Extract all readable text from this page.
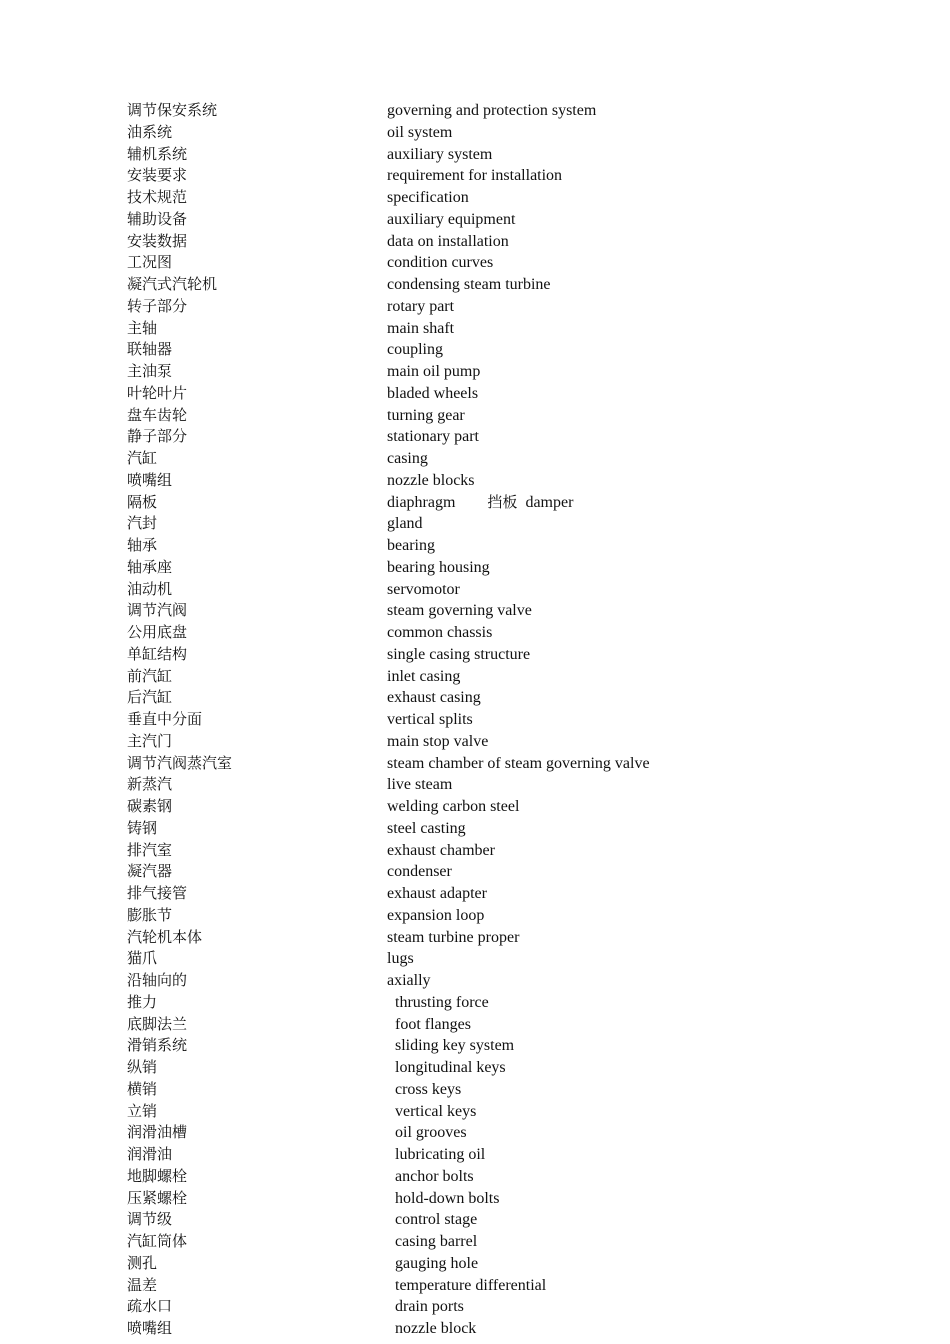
调节保安系统	governing and protection system
油系统	oil system
辅机系统	auxiliary system
安装要求	requirement for installation
技术规范	specification
辅助设备	auxiliary equipment
安装数据	data on installation
工况图	condition curves
凝汽式汽轮机	condensing steam turbine
转子部分	rotary part
主轴	main shaft
联轴器	coupling
主油泵	main oil pump
叶轮叶片	bladed wheels
盘车齿轮	turning gear
静子部分	stationary part
汽缸	casing
喷嘴组	nozzle blocks
隔板	diaphragm 挡板 damper
汽封	gland
轴承	bearing
轴承座	bearing housing
油动机	servomotor
调节汽阀	steam governing valve
公用底盘	common chassis
单缸结构	single casing structure
前汽缸	inlet casing
后汽缸	exhaust casing
垂直中分面	vertical splits
主汽门	main stop valve
调节汽阀蒸汽室	steam chamber of steam governing valve
新蒸汽	live steam
碳素钢	welding carbon steel
铸钢	steel casting
排汽室	exhaust chamber
凝汽器	condenser
排气接管	exhaust adapter
膨胀节	expansion loop
汽轮机本体	steam turbine proper
猫爪	lugs
沿轴向的	axially
推力	thrusting force
底脚法兰	foot flanges
滑销系统	sliding key system
纵销	longitudinal keys
横销	cross keys
立销	vertical keys
润滑油槽	oil grooves
润滑油	lubricating oil
地脚螺栓	anchor bolts
压紧螺栓	hold-down bolts
调节级	control stage
汽缸筒体	casing barrel
测孔	gauging hole
温差	temperature differential
疏水口	drain ports
喷嘴组	nozzle block
